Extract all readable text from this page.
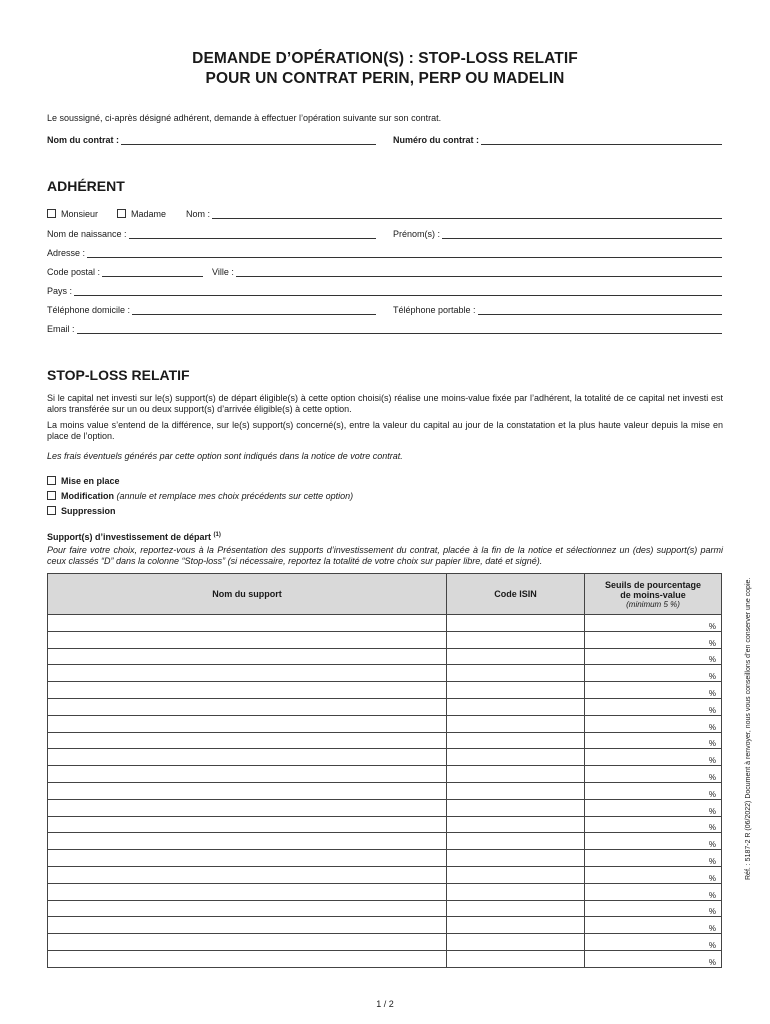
DEMANDE D’OPÉRATION(S) : STOP-LOSS RELATIF
POUR UN CONTRAT PERIN, PERP OU MADELIN
Le soussigné, ci-après désigné adhérent, demande à effectuer l’opération suivante sur son contrat.
Nom du contrat :	Numéro du contrat :
ADHÉRENT
Monsieur	Madame Nom :
Nom de naissance :	Prénom(s) :
Adresse :
Code postal :	Ville :
Pays :
Téléphone domicile :	Téléphone portable :
Email :
STOP-LOSS RELATIF
Si le capital net investi sur le(s) support(s) de départ éligible(s) à cette option choisi(s) réalise une moins-value fixée par l’adhérent, la totalité de ce capital net investi est alors transférée sur un ou deux support(s) d’arrivée éligible(s) à cette option.
La moins value s’entend de la différence, sur le(s) support(s) concerné(s), entre la valeur du capital au jour de la constatation et la plus haute valeur depuis la mise en place de l’option.
Les frais éventuels générés par cette option sont indiqués dans la notice de votre contrat.
Mise en place
Modification (annule et remplace mes choix précédents sur cette option)
Suppression
Support(s) d’investissement de départ $^{(1)}$
Pour faire votre choix, reportez-vous à la Présentation des supports d’investissement du contrat, placée à la fin de la notice et sélectionnez un (des) support(s) parmi ceux classés “D” dans la colonne “Stop-loss” (si nécessaire, reportez la totalité de votre choix sur papier libre, daté et signé).
Nom du support	Code ISIN	Seuils de pourcentage
de moins-value
(minimum 5 %)

		%
		%
		%
		%
		%
		%
		%
		%
		%
		%
		%
		%
		%
		%
		%
		%
		%
		%
		%
		%
		%
Réf. : 5187-2 R (06/2022) Document à renvoyer, nous vous conseillons d’en conserver une copie.
1 / 2
